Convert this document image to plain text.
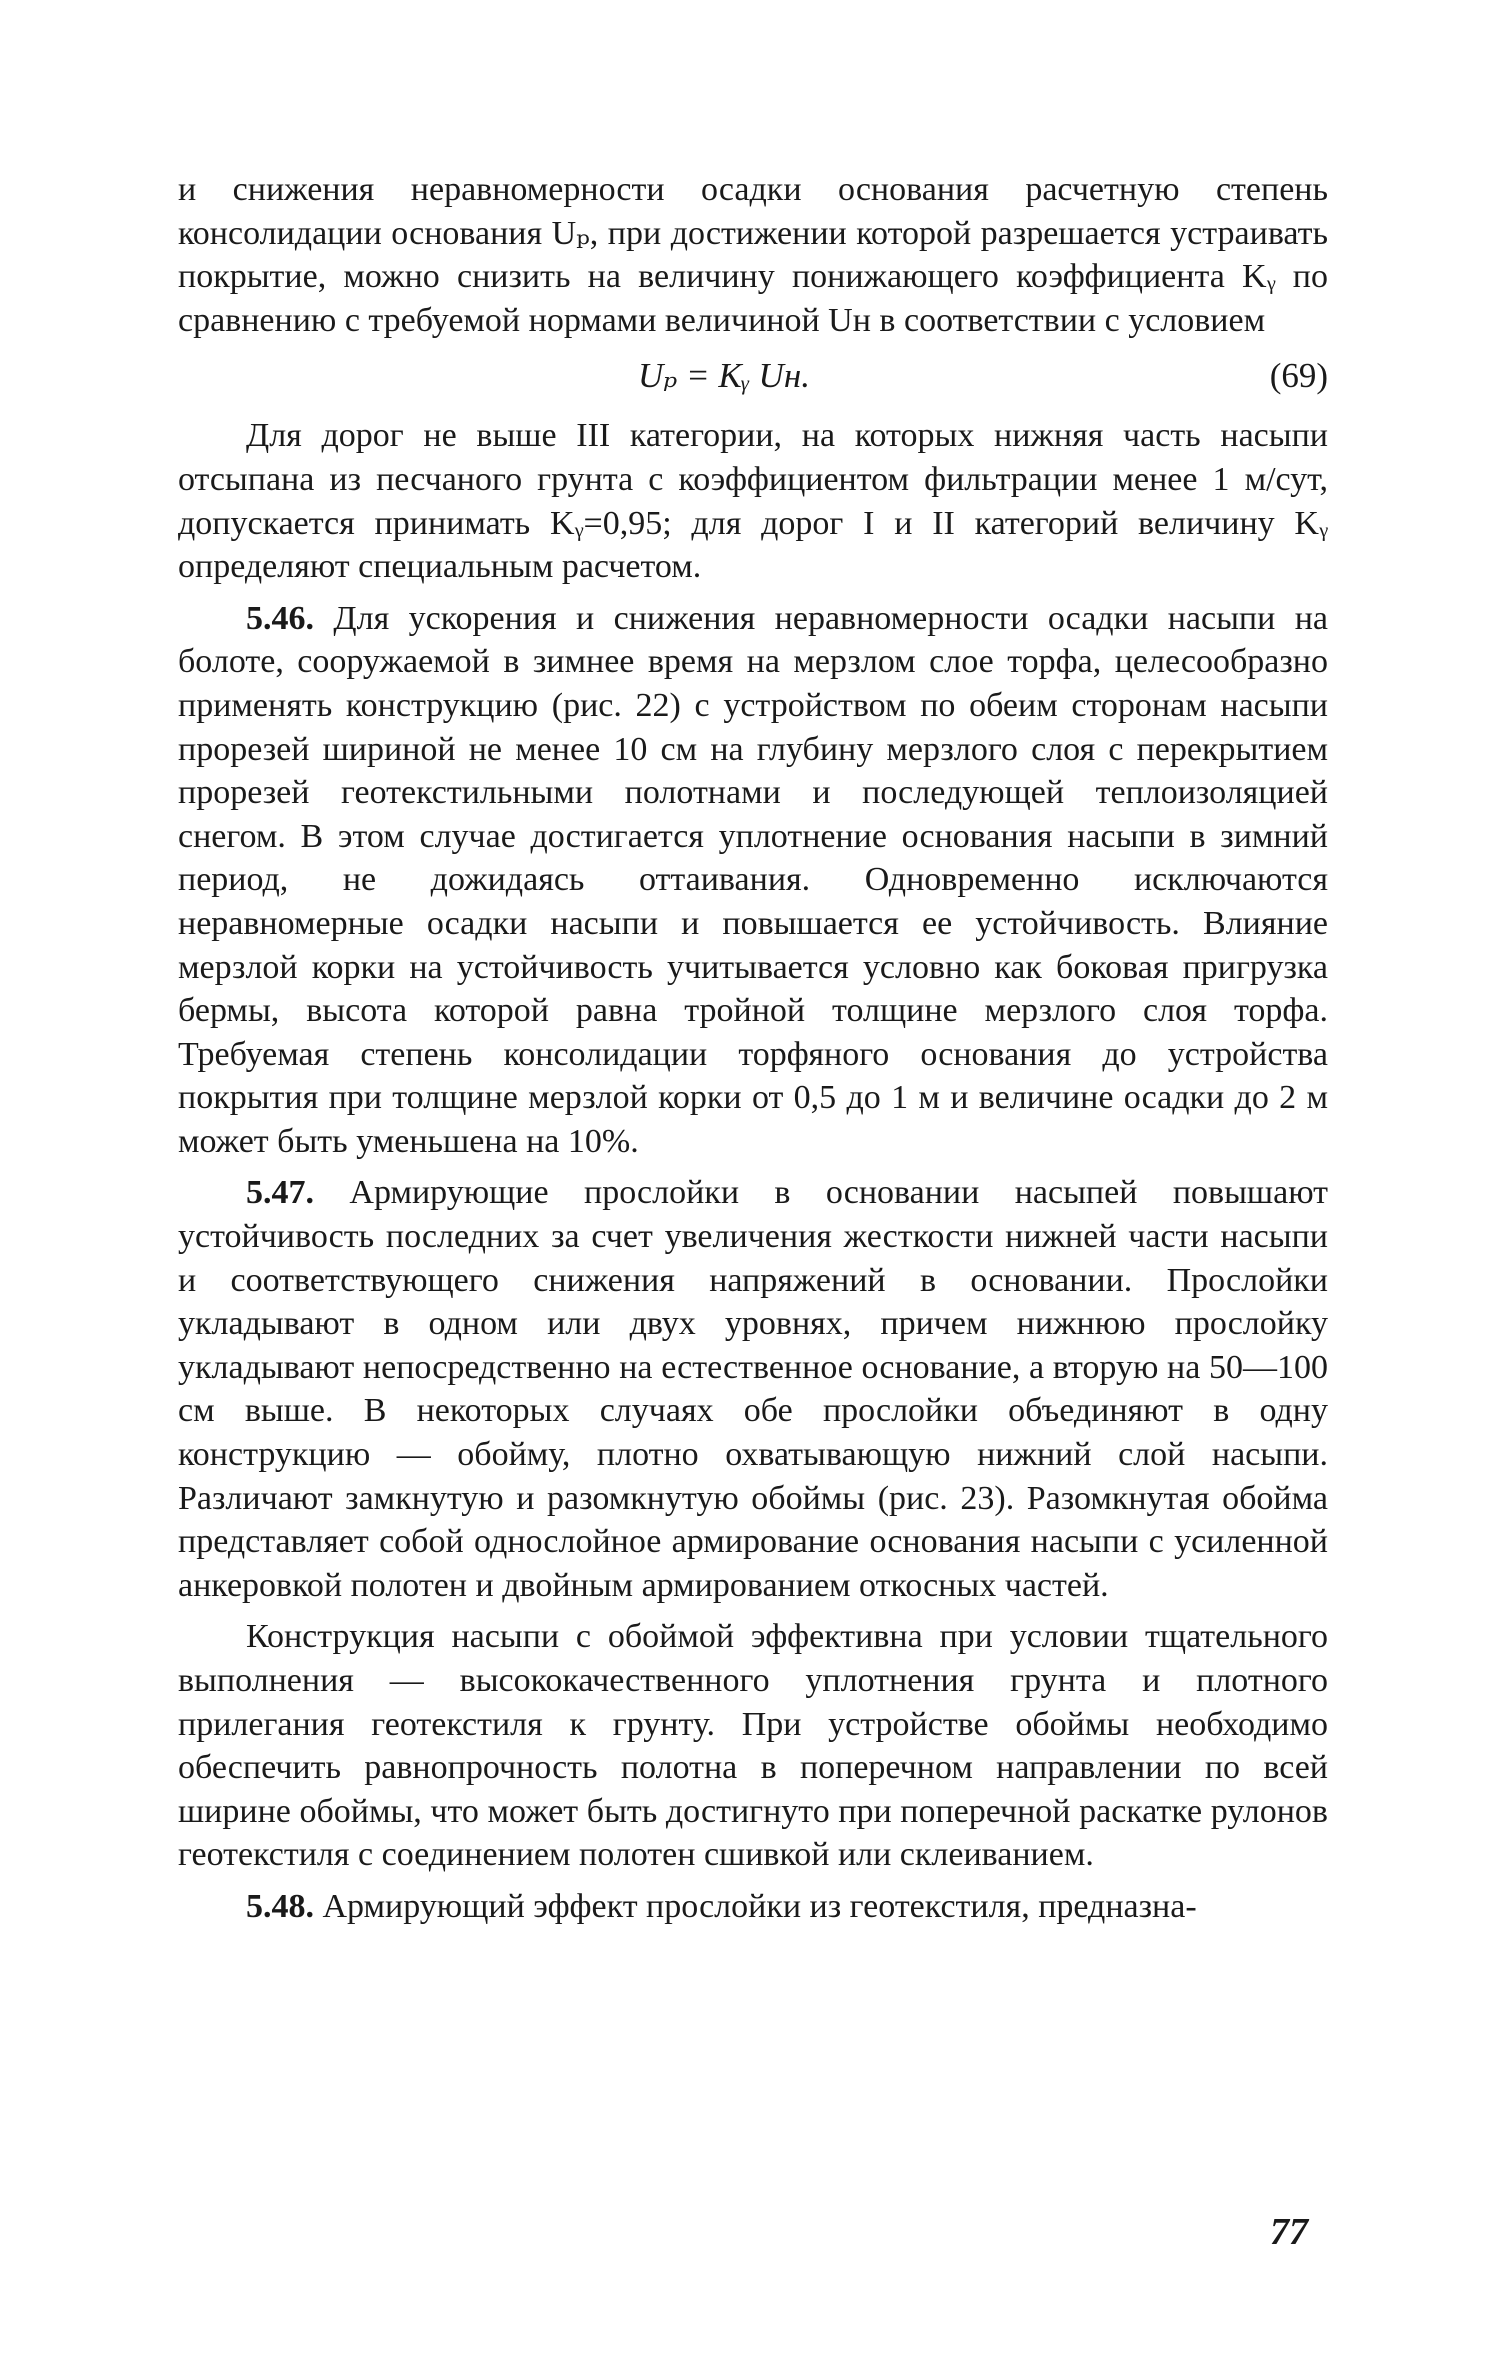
и снижения неравномерности осадки основания расчетную степень консолидации основания Uₚ, при достижении которой разрешается устраивать покрытие, можно снизить на величину понижающего коэффициента Kᵧ по сравнению с требуемой нормами величиной Uн в соответствии с условием

Uₚ = Kᵧ Uн.	(69)

Для дорог не выше III категории, на которых нижняя часть насыпи отсыпана из песчаного грунта с коэффициентом фильтрации менее 1 м/сут, допускается принимать Kᵧ=0,95; для дорог I и II категорий величину Kᵧ определяют специальным расчетом.

5.46. Для ускорения и снижения неравномерности осадки насыпи на болоте, сооружаемой в зимнее время на мерзлом слое торфа, целесообразно применять конструкцию (рис. 22) с устройством по обеим сторонам насыпи прорезей шириной не менее 10 см на глубину мерзлого слоя с перекрытием прорезей геотекстильными полотнами и последующей теплоизоляцией снегом. В этом случае достигается уплотнение основания насыпи в зимний период, не дожидаясь оттаивания. Одновременно исключаются неравномерные осадки насыпи и повышается ее устойчивость. Влияние мерзлой корки на устойчивость учитывается условно как боковая пригрузка бермы, высота которой равна тройной толщине мерзлого слоя торфа. Требуемая степень консолидации торфяного основания до устройства покрытия при толщине мерзлой корки от 0,5 до 1 м и величине осадки до 2 м может быть уменьшена на 10%.

5.47. Армирующие прослойки в основании насыпей повышают устойчивость последних за счет увеличения жесткости нижней части насыпи и соответствующего снижения напряжений в основании. Прослойки укладывают в одном или двух уровнях, причем нижнюю прослойку укладывают непосредственно на естественное основание, а вторую на 50—100 см выше. В некоторых случаях обе прослойки объединяют в одну конструкцию — обойму, плотно охватывающую нижний слой насыпи. Различают замкнутую и разомкнутую обоймы (рис. 23). Разомкнутая обойма представляет собой однослойное армирование основания насыпи с усиленной анкеровкой полотен и двойным армированием откосных частей.

Конструкция насыпи с обоймой эффективна при условии тщательного выполнения — высококачественного уплотнения грунта и плотного прилегания геотекстиля к грунту. При устройстве обоймы необходимо обеспечить равнопрочность полотна в поперечном направлении по всей ширине обоймы, что может быть достигнуто при поперечной раскатке рулонов геотекстиля с соединением полотен сшивкой или склеиванием.

5.48. Армирующий эффект прослойки из геотекстиля, предназна-

77
